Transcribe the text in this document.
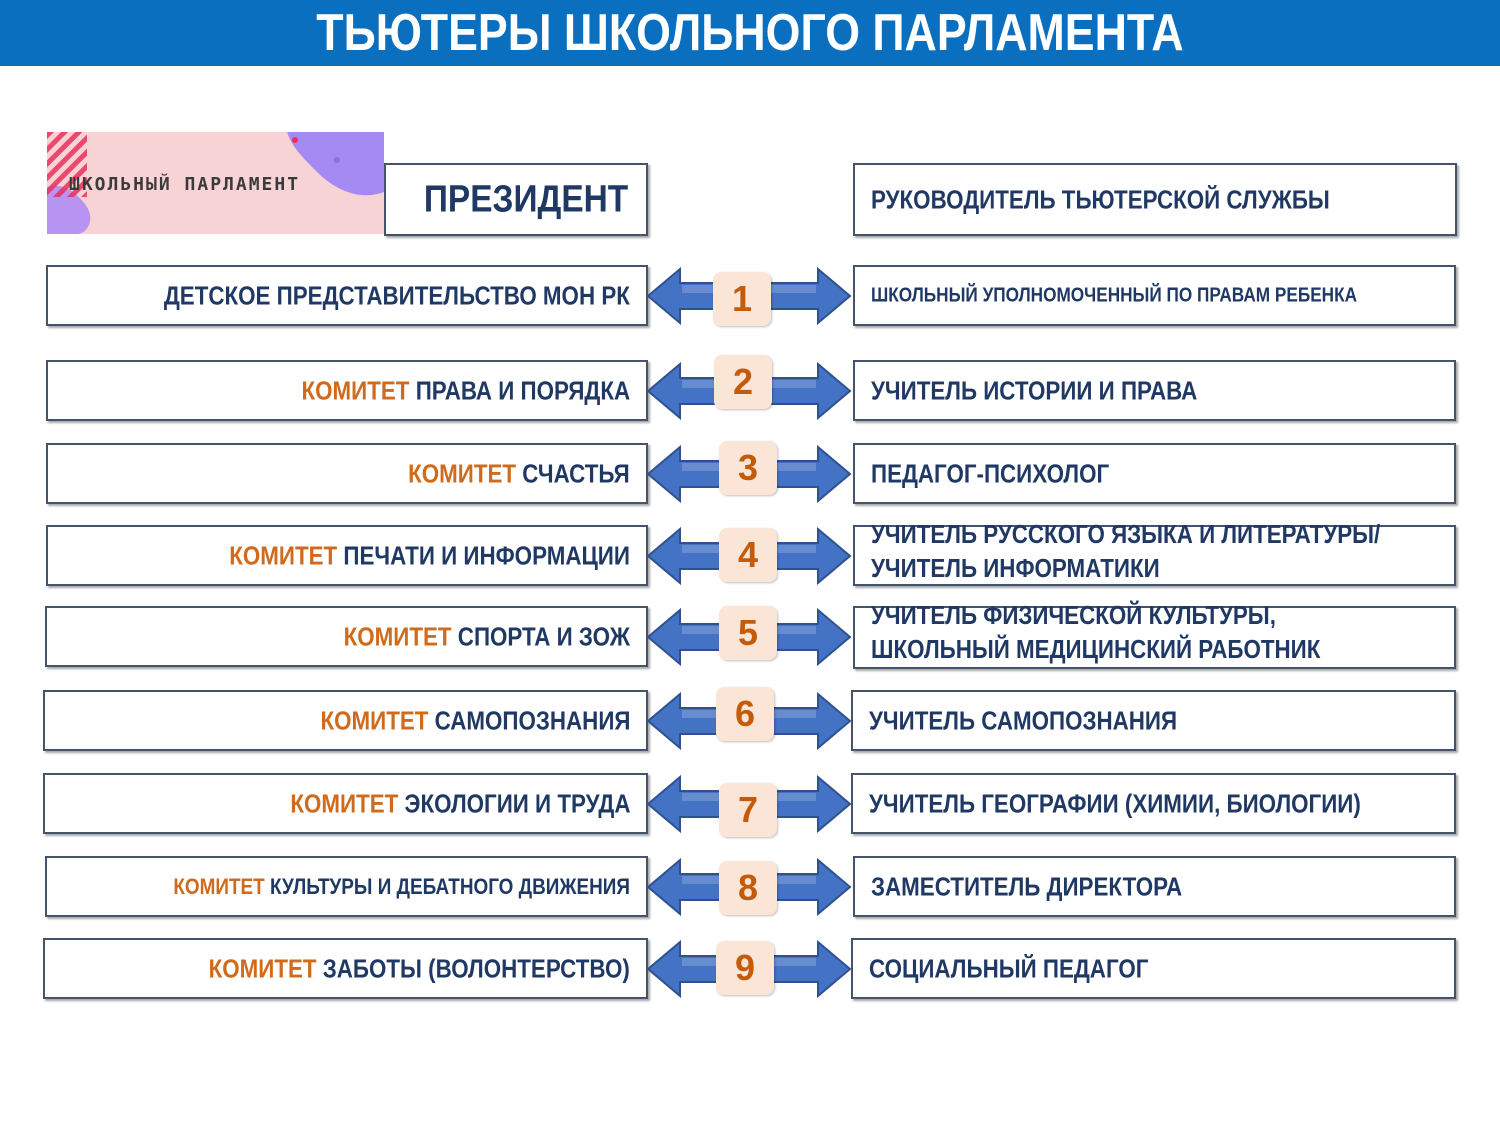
ТЬЮТЕРЫ ШКОЛЬНОГО ПАРЛАМЕНТА
ШКОЛЬНЫЙ ПАРЛАМЕНТ	ПРЕЗИДЕНТ	РУКОВОДИТЕЛЬ ТЬЮТЕРСКОЙ СЛУЖБЫ
ДЕТСКОЕ ПРЕДСТАВИТЕЛЬСТВО МОН РК	1	ШКОЛЬНЫЙ УПОЛНОМОЧЕННЫЙ ПО ПРАВАМ РЕБЕНКА
КОМИТЕТ ПРАВА И ПОРЯДКА	2	УЧИТЕЛЬ ИСТОРИИ И ПРАВА
КОМИТЕТ СЧАСТЬЯ	3	ПЕДАГОГ-ПСИХОЛОГ
КОМИТЕТ ПЕЧАТИ И ИНФОРМАЦИИ	4	УЧИТЕЛЬ РУССКОГО ЯЗЫКА И ЛИТЕРАТУРЫ/
УЧИТЕЛЬ ИНФОРМАТИКИ
КОМИТЕТ СПОРТА И ЗОЖ	5	УЧИТЕЛЬ ФИЗИЧЕСКОЙ КУЛЬТУРЫ,
ШКОЛЬНЫЙ МЕДИЦИНСКИЙ РАБОТНИК
КОМИТЕТ САМОПОЗНАНИЯ	6	УЧИТЕЛЬ САМОПОЗНАНИЯ
КОМИТЕТ ЭКОЛОГИИ И ТРУДА	7	УЧИТЕЛЬ ГЕОГРАФИИ (ХИМИИ, БИОЛОГИИ)
КОМИТЕТ КУЛЬТУРЫ И ДЕБАТНОГО ДВИЖЕНИЯ	8	ЗАМЕСТИТЕЛЬ ДИРЕКТОРА
КОМИТЕТ ЗАБОТЫ (ВОЛОНТЕРСТВО)	9	СОЦИАЛЬНЫЙ ПЕДАГОГ
